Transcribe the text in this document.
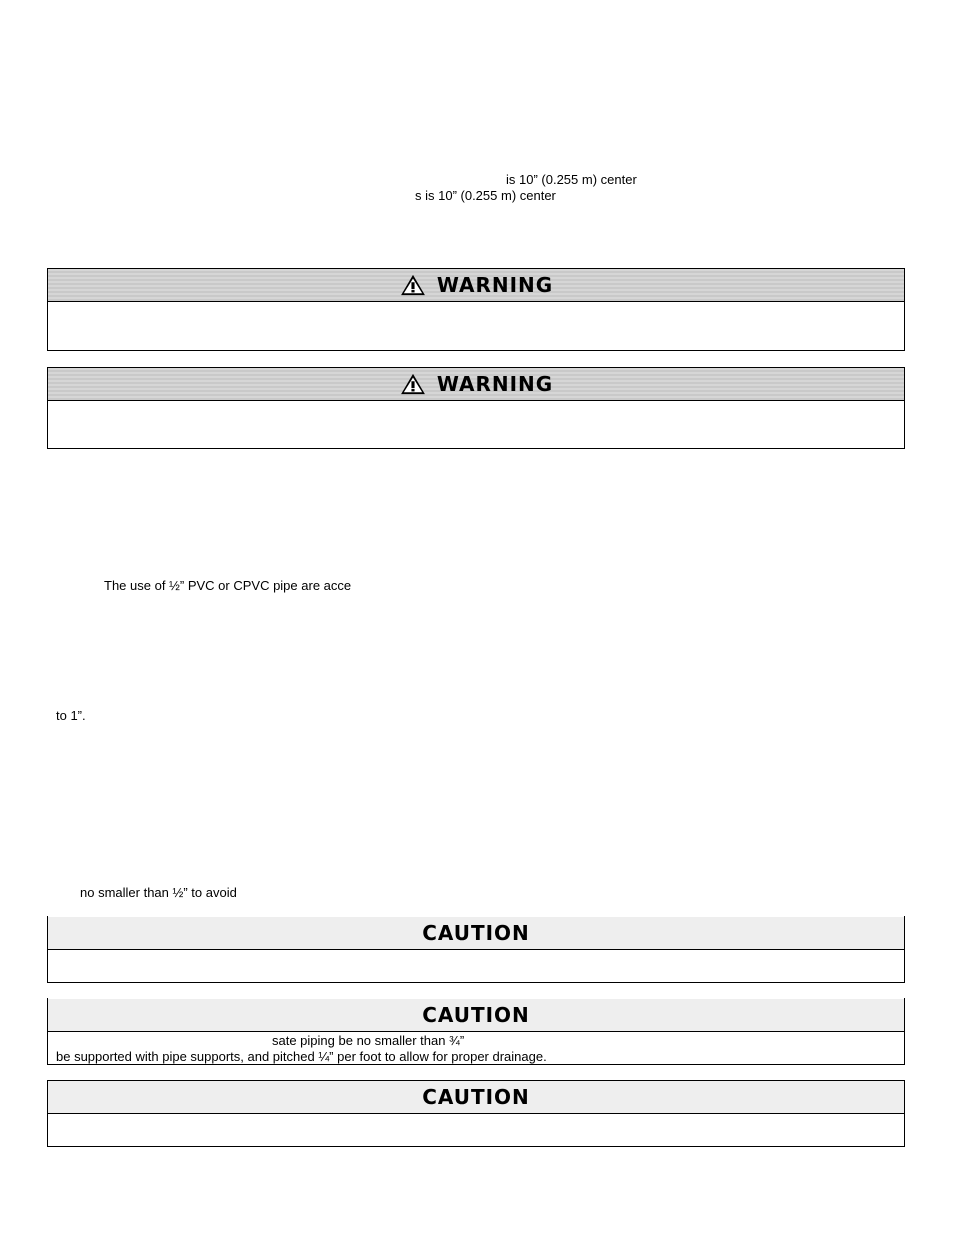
is 10” (0.255 m) center
s is 10” (0.255 m) center
The use of ½” PVC or CPVC pipe are acce
to 1”.
no smaller than ½” to avoid
WARNING
WARNING
CAUTION
CAUTION
sate piping be no smaller than ¾”
be supported with pipe supports, and pitched ¼” per foot to allow for proper drainage.
CAUTION
